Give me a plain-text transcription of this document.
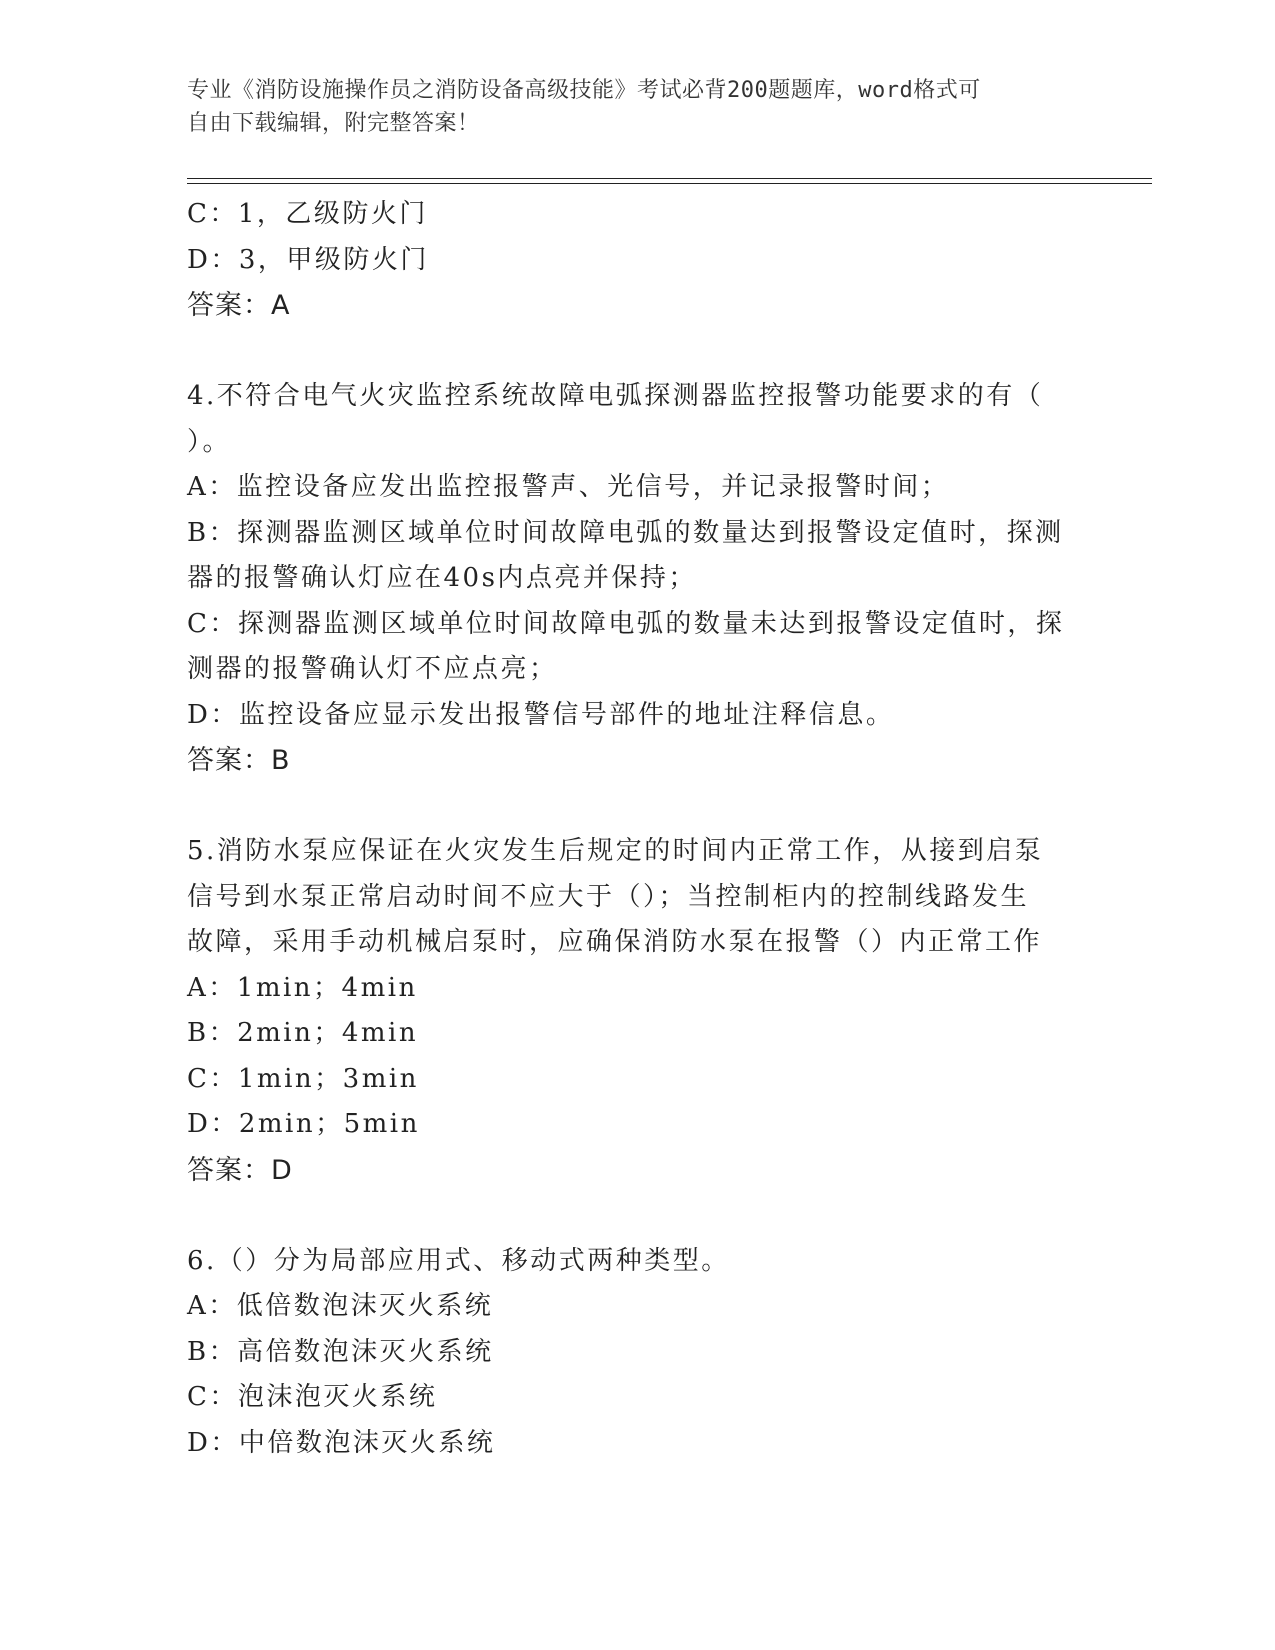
专业《消防设施操作员之消防设备高级技能》考试必背200题题库，word格式可
自由下载编辑，附完整答案！
C：1，乙级防火门
D：3，甲级防火门
答案：A
4.不符合电气火灾监控系统故障电弧探测器监控报警功能要求的有（
）。
A：监控设备应发出监控报警声、光信号，并记录报警时间；
B：探测器监测区域单位时间故障电弧的数量达到报警设定值时，探测
器的报警确认灯应在40s内点亮并保持；
C：探测器监测区域单位时间故障电弧的数量未达到报警设定值时，探
测器的报警确认灯不应点亮；
D：监控设备应显示发出报警信号部件的地址注释信息。
答案：B
5.消防水泵应保证在火灾发生后规定的时间内正常工作，从接到启泵
信号到水泵正常启动时间不应大于（）；当控制柜内的控制线路发生
故障，采用手动机械启泵时，应确保消防水泵在报警（）内正常工作
A：1min；4min
B：2min；4min
C：1min；3min
D：2min；5min
答案：D
6.（）分为局部应用式、移动式两种类型。
A：低倍数泡沫灭火系统
B：高倍数泡沫灭火系统
C：泡沫泡灭火系统
D：中倍数泡沫灭火系统
